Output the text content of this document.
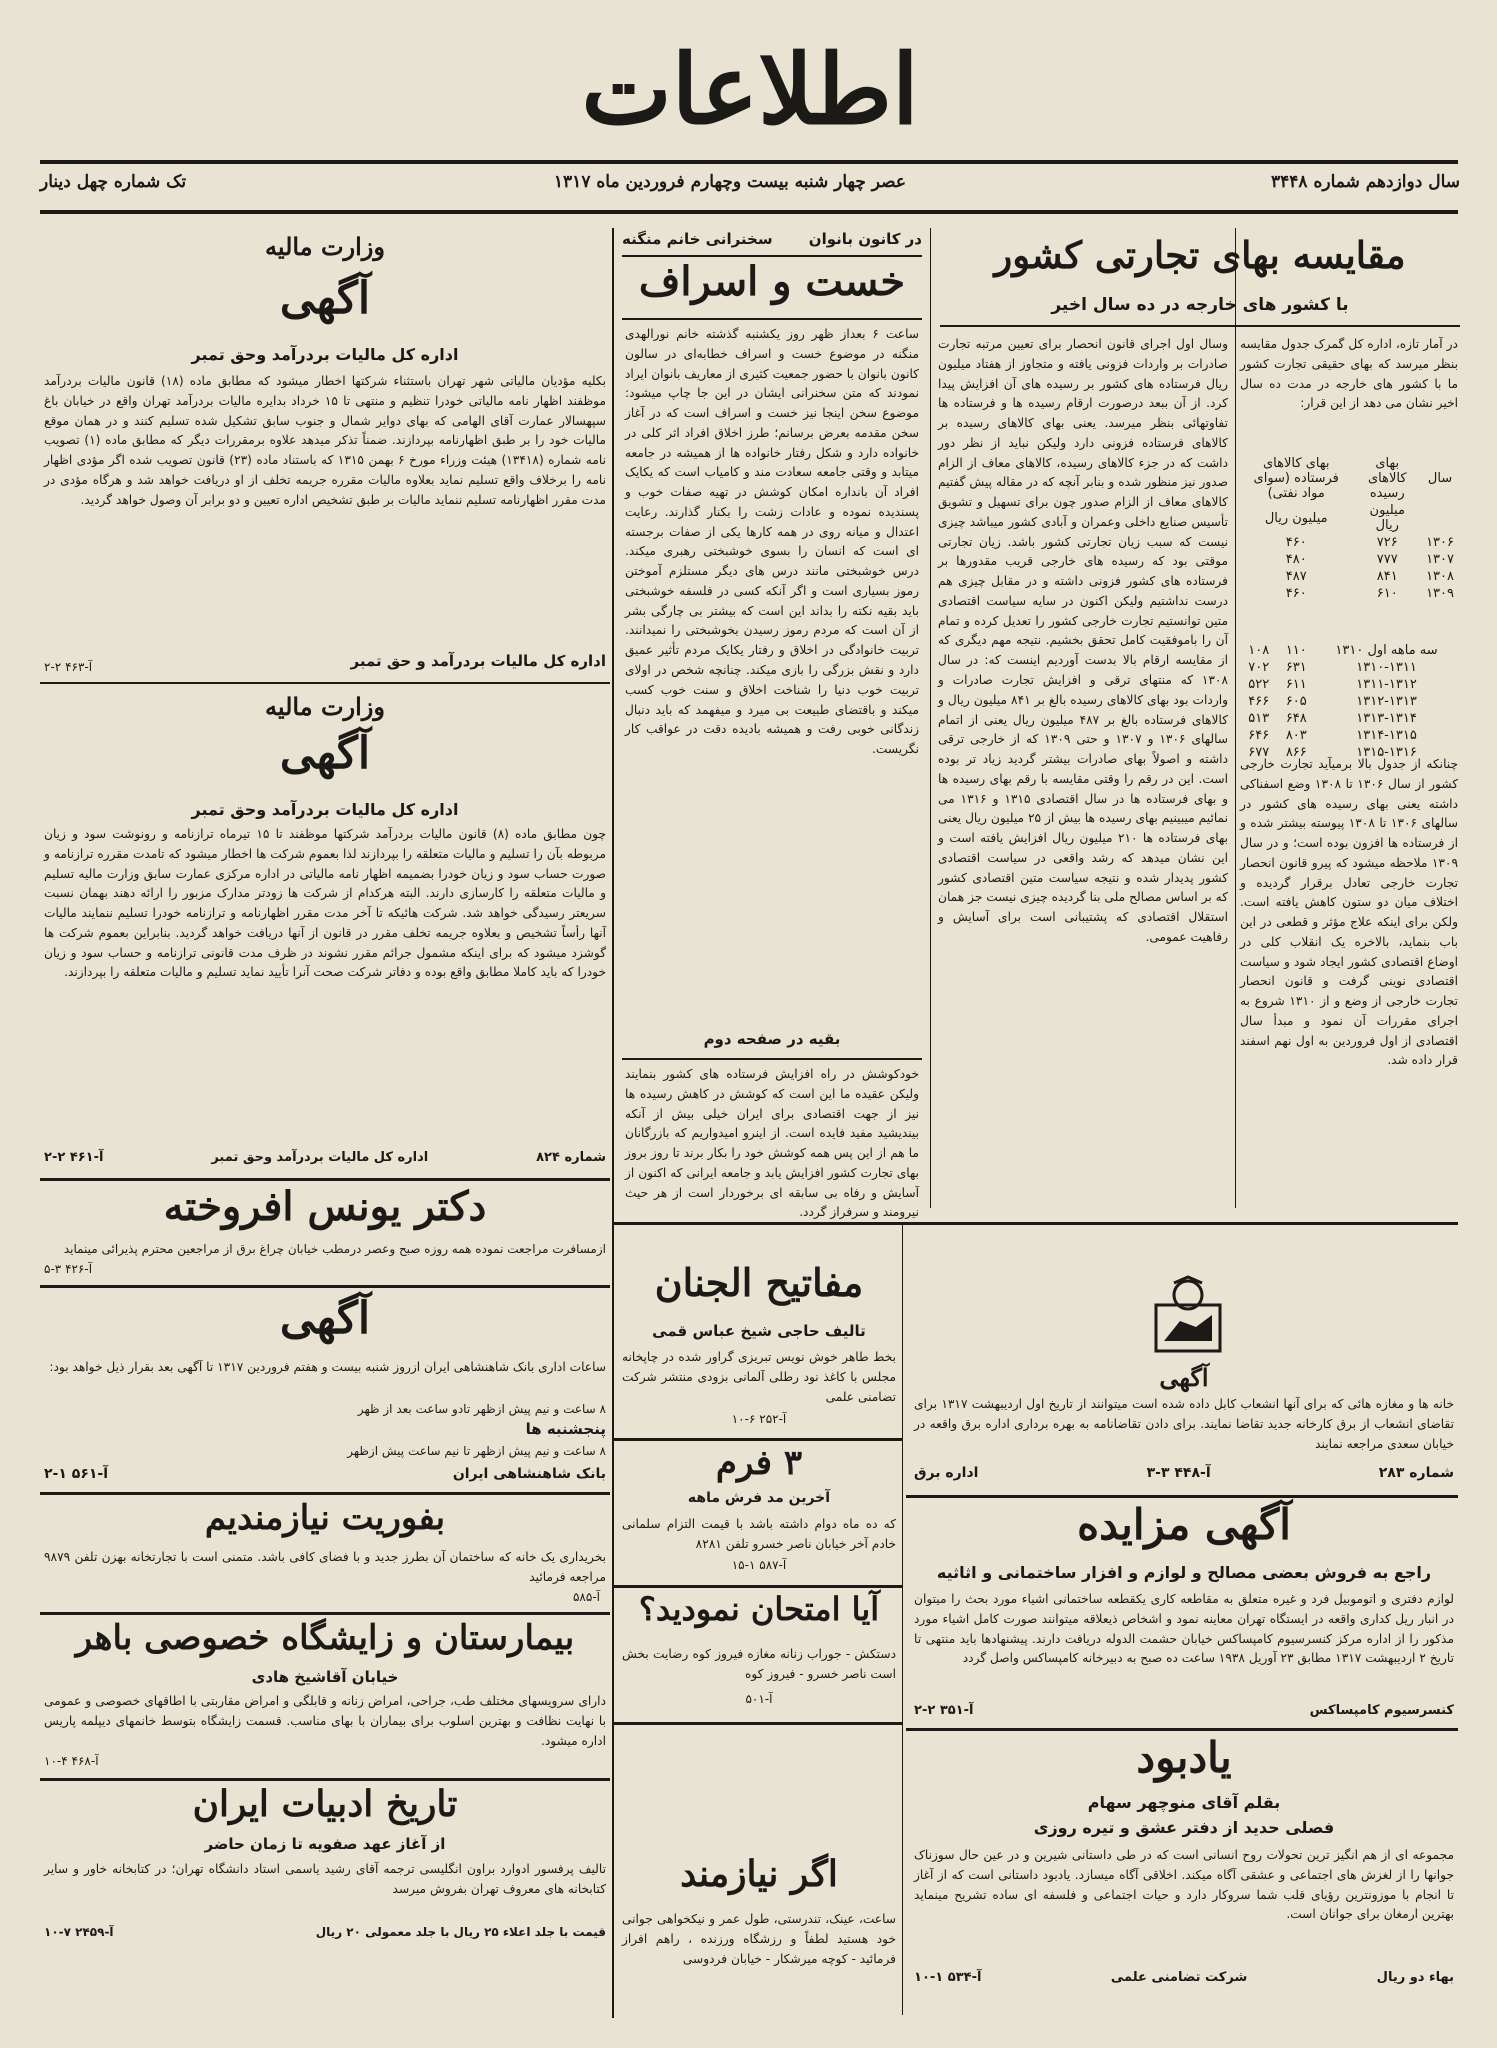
اطلاعات
سال دوازدهم شماره ۳۴۴۸
عصر چهار شنبه بیست وچهارم فروردین ماه ۱۳۱۷
تک شماره چهل دینار
مقایسه بهای تجارتی کشور
با کشور های خارجه در ده سال اخیر
در آمار تازه، اداره کل گمرک جدول مقایسه بنظر میرسد که بهای حقیقی تجارت کشور ما با کشور های خارجه در مدت ده سال اخیر نشان می دهد از این قرار:
سال	بهای کالاهای رسیده	بهای کالاهای فرستاده (سوای مواد نفتی)
	میلیون ریال	میلیون ریال
۱۳۰۶	۷۲۶	۴۶۰
۱۳۰۷	۷۷۷	۴۸۰
۱۳۰۸	۸۴۱	۴۸۷
۱۳۰۹	۶۱۰	۴۶۰
سه ماهه اول ۱۳۱۰	۱۱۰	۱۰۸
۱۳۱۰-۱۳۱۱	۶۳۱	۷۰۲
۱۳۱۱-۱۳۱۲	۶۱۱	۵۲۲
۱۳۱۲-۱۳۱۳	۶۰۵	۴۶۶
۱۳۱۳-۱۳۱۴	۶۴۸	۵۱۳
۱۳۱۴-۱۳۱۵	۸۰۳	۶۴۶
۱۳۱۵-۱۳۱۶	۸۶۶	۶۷۷
چنانکه از جدول بالا برمیآید تجارت خارجی کشور از سال ۱۳۰۶ تا ۱۳۰۸ وضع اسفناکی داشته یعنی بهای رسیده های کشور در سالهای ۱۳۰۶ تا ۱۳۰۸ پیوسته بیشتر شده و از فرستاده ها افزون بوده است؛ و در سال ۱۳۰۹ ملاحظه میشود که پیرو قانون انحصار تجارت خارجی تعادل برقرار گردیده و اختلاف میان دو ستون کاهش یافته است. ولکن برای اینکه علاج مؤثر و قطعی در این باب بنماید، بالاخره یک انقلاب کلی در اوضاع اقتصادی کشور ایجاد شود و سیاست اقتصادی نوینی گرفت و قانون انحصار تجارت خارجی از وضع و از ۱۳۱۰ شروع به اجرای مقررات آن نمود و مبدأ سال اقتصادی از اول فروردین به اول نهم اسفند قرار داده شد.
وسال اول اجرای قانون انحصار برای تعیین مرتبه تجارت صادرات بر واردات فزونی یافته و متجاوز از هفتاد میلیون ریال فرستاده های کشور بر رسیده های آن افزایش پیدا کرد. از آن ببعد درصورت ارقام رسیده ها و فرستاده ها تفاوتهائی بنظر میرسد. یعنی بهای کالاهای رسیده بر کالاهای فرستاده فزونی دارد ولیکن نباید از نظر دور داشت که در جزء کالاهای رسیده، کالاهای معاف از الزام صدور نیز منظور شده و بنابر آنچه که در مقاله پیش گفتیم کالاهای معاف از الزام صدور چون برای تسهیل و تشویق تأسیس صنایع داخلی وعمران و آبادی کشور میباشد چیزی نیست که سبب زیان تجارتی کشور باشد. زیان تجارتی موقتی بود که رسیده های خارجی قریب مقدورها بر فرستاده های کشور فزونی داشته و در مقابل چیزی هم درست نداشتیم ولیکن اکنون در سایه سیاست اقتصادی متین توانستیم تجارت خارجی کشور را تعدیل کرده و تمام آن را باموفقیت کامل تحقق بخشیم. نتیجه مهم دیگری که از مقایسه ارقام بالا بدست آوردیم اینست که: در سال ۱۳۰۸ که منتهای ترقی و افزایش تجارت صادرات و واردات بود بهای کالاهای رسیده بالغ بر ۸۴۱ میلیون ریال و کالاهای فرستاده بالغ بر ۴۸۷ میلیون ریال یعنی از اتمام سالهای ۱۳۰۶ و ۱۳۰۷ و حتی ۱۳۰۹ که از خارجی ترقی داشته و اصولاً بهای صادرات بیشتر گردید زیاد تر بوده است. این در رقم را وقتی مقایسه با رقم بهای رسیده ها و بهای فرستاده ها در سال اقتصادی ۱۳۱۵ و ۱۳۱۶ می نمائیم میبینیم بهای رسیده ها بیش از ۲۵ میلیون ریال یعنی بهای فرستاده ها ۲۱۰ میلیون ریال افزایش یافته است و این نشان میدهد که رشد واقعی در سیاست اقتصادی کشور پدیدار شده و نتیجه سیاست متین اقتصادی کشور که بر اساس مصالح ملی بنا گردیده چیزی نیست جز همان استقلال اقتصادی که پشتیبانی است برای آسایش و رفاهیت عمومی.
در کانون بانوان
سخنرانی خانم منگنه
خست و اسراف
ساعت ۶ بعداز ظهر روز یکشنبه گذشته خانم نورالهدی منگنه در موضوع خست و اسراف خطابه‌ای در سالون کانون بانوان با حضور جمعیت کثیری از معاریف بانوان ایراد نمودند که متن سخنرانی ایشان در این جا چاپ میشود: موضوع سخن اینجا نیز خست و اسراف است که در آغاز سخن مقدمه بعرض برسانم؛ طرز اخلاق افراد اثر کلی در خانواده دارد و شکل رفتار خانواده ها از همیشه در جامعه میتابد و وقتی جامعه سعادت مند و کامیاب است که یکایک افراد آن بانداره امکان کوشش در تهیه صفات خوب و پسندیده نموده و عادات زشت را بکنار گذارند. رعایت اعتدال و میانه روی در همه کارها یکی از صفات برجسته ای است که انسان را بسوی خوشبختی رهبری میکند. درس خوشبختی مانند درس های دیگر مستلزم آموختن رموز بسیاری است و اگر آنکه کسی در فلسفه خوشبختی باید بقیه نکته را بداند این است که بیشتر بی چارگی بشر از آن است که مردم رموز رسیدن بخوشبختی را نمیدانند. تربیت خانوادگی در اخلاق و رفتار یکایک مردم تأثیر عمیق دارد و نقش بزرگی را بازی میکند. چنانچه شخص در اولای تربیت خوب دنیا را شناخت اخلاق و سنت خوب کسب میکند و باقتضای طبیعت بی میرد و میفهمد که باید دنبال زندگانی خوبی رفت و همیشه بادیده دقت در عواقب کار نگریست.
بقیه در صفحه دوم
خودکوشش در راه افزایش فرستاده های کشور بنمایند ولیکن عقیده ما این است که کوشش در کاهش رسیده ها نیز از جهت اقتصادی برای ایران خیلی بیش از آنکه بیندیشید مفید فایده است. از اینرو امیدواریم که بازرگانان ما هم از این پس همه کوشش خود را بکار برند تا روز بروز بهای تجارت کشور افزایش یابد و جامعه ایرانی که اکنون از آسایش و رفاه بی سابقه ای برخوردار است از هر حیث نیرومند و سرفراز گردد.
وزارت مالیه
آگهی
اداره کل مالیات بردرآمد وحق تمبر
بکلیه مؤدیان مالیاتی شهر تهران باستثناء شرکتها اخطار میشود که مطابق ماده (۱۸) قانون مالیات بردرآمد موظفند اظهار نامه مالیاتی خودرا تنظیم و منتهی تا ۱۵ خرداد بدایره مالیات بردرآمد تهران واقع در خیابان باغ سپهسالار عمارت آقای الهامی که بهای دوایر شمال و جنوب سابق تشکیل شده تسلیم کنند و در همان موقع مالیات خود را بر طبق اظهارنامه بپردازند. ضمناً تذکر میدهد علاوه برمقررات دیگر که مطابق ماده (۱) تصویب نامه شماره (۱۳۴۱۸) هیئت وزراء مورخ ۶ بهمن ۱۳۱۵ که باستناد ماده (۲۳) قانون تصویب شده اگر مؤدی اظهار نامه را برخلاف واقع تسلیم نماید بعلاوه مالیات مقرره جریمه تخلف از او دریافت خواهد شد و هرگاه مؤدی در مدت مقرر اظهارنامه تسلیم ننماید مالیات بر طبق تشخیص اداره تعیین و دو برابر آن وصول خواهد گردید.
اداره کل مالیات بردرآمد و حق تمبر
آ-۴۶۳ ۲-۲
وزارت مالیه
آگهی
اداره کل مالیات بردرآمد وحق تمبر
چون مطابق ماده (۸) قانون مالیات بردرآمد شرکتها موظفند تا ۱۵ تیرماه ترازنامه و رونوشت سود و زیان مربوطه بآن را تسلیم و مالیات متعلقه را بپردازند لذا بعموم شرکت ها اخطار میشود که تامدت مقرره ترازنامه و صورت حساب سود و زیان خودرا بضمیمه اظهار نامه مالیاتی در اداره مرکزی عمارت سابق وزارت مالیه تسلیم و مالیات متعلقه را کارسازی دارند. البته هرکدام از شرکت ها زودتر مدارک مزبور را ارائه دهند بهمان نسبت سریعتر رسیدگی خواهد شد. شرکت هائیکه تا آخر مدت مقرر اظهارنامه و ترازنامه خودرا تسلیم ننمایند مالیات آنها رأساً تشخیص و بعلاوه جریمه تخلف مقرر در قانون از آنها دریافت خواهد گردید. بنابراین بعموم شرکت ها گوشزد میشود که برای اینکه مشمول جرائم مقرر نشوند در ظرف مدت قانونی ترازنامه و حساب سود و زیان خودرا که باید کاملا مطابق واقع بوده و دفاتر شرکت صحت آنرا تأیید نماید تسلیم و مالیات متعلقه را بپردازند.
شماره ۸۲۴
اداره کل مالیات بردرآمد وحق تمبر
آ-۴۶۱ ۲-۲
دکتر یونس افروخته
ازمسافرت مراجعت نموده همه روزه صبح وعصر درمطب خیابان چراغ برق از مراجعین محترم پذیرائی مینماید
آ-۴۲۶ ۳-۵
آگهی
ساعات اداری بانک شاهنشاهی ایران ازروز شنبه بیست و هفتم فروردین ۱۳۱۷ تا آگهی بعد بقرار ذیل خواهد بود:
۸ ساعت و نیم پیش ازظهر تادو ساعت بعد از ظهر
پنجشنبه ها
۸ ساعت و نیم پیش ازظهر تا نیم ساعت پیش ازظهر
بانک شاهنشاهی ایران
آ-۵۶۱ ۱-۲
بفوریت نیازمندیم
بخریداری یک خانه که ساختمان آن بطرز جدید و با فضای کافی باشد. متمنی است با تجارتخانه بهزن تلفن ۹۸۷۹ مراجعه فرمائید
آ-۵۸۵
بیمارستان و زایشگاه خصوصی باهر
خیابان آقاشیخ هادی
دارای سرویسهای مختلف طب، جراحی، امراض زنانه و قابلگی و امراض مقاربتی با اطاقهای خصوصی و عمومی با نهایت نظافت و بهترین اسلوب برای بیماران با بهای مناسب. قسمت زایشگاه بتوسط خانمهای دیپلمه پاریس اداره میشود.
آ-۴۶۸ ۴-۱۰
تاریخ ادبیات ایران
از آغاز عهد صفویه تا زمان حاضر
تالیف پرفسور ادوارد براون انگلیسی ترجمه آقای رشید یاسمی استاد دانشگاه تهران؛ در کتابخانه خاور و سایر کتابخانه های معروف تهران بفروش میرسد
قیمت با جلد اعلاء ۲۵ ریال با جلد معمولی ۲۰ ریال
آ-۲۴۵۹ ۷-۱۰
مفاتیح الجنان
تالیف حاجی شیخ عباس قمی
بخط طاهر خوش نویس تبریزی گراور شده در چاپخانه مجلس با کاغذ نود رطلی آلمانی بزودی منتشر شرکت تضامنی علمی
آ-۲۵۲ ۶-۱۰
۳ فرم
آخرین مد فرش ماهه
که ده ماه دوام داشته باشد با قیمت التزام سلمانی خادم آخر خیابان ناصر خسرو تلفن ۸۲۸۱
آ-۵۸۷ ۱-۱۵
آیا امتحان نمودید؟
دستکش - جوراب زنانه مغازه فیروز کوه رضایت بخش است ناصر خسرو - فیروز کوه
آ-۵۰۱
اگر نیازمند
ساعت، عینک، تندرستی، طول عمر و نیکخواهی جوانی خود هستید لطفاً و رزشگاه ورزنده ، راهم افراز فرمائید - کوچه میرشکار - خیابان فردوسی
آگهی
خانه ها و مغازه هائی که برای آنها انشعاب کابل داده شده است میتوانند از تاریخ اول اردیبهشت ۱۳۱۷ برای تقاضای انشعاب از برق کارخانه جدید تقاضا نمایند. برای دادن تقاضانامه به بهره برداری اداره برق واقعه در خیابان سعدی مراجعه نمایند
شماره ۲۸۳
آ-۴۴۸ ۳-۳
اداره برق
آگهی مزایده
راجع به فروش بعضی مصالح و لوازم و افزار ساختمانی و اثاثیه
لوازم دفتری و اتوموبیل فرد و غیره متعلق به مقاطعه کاری یکقطعه ساختمانی اشیاء مورد بحث را میتوان در انبار ریل کداری واقعه در ایستگاه تهران معاینه نمود و اشخاص ذیعلاقه میتوانند صورت کامل اشیاء مورد مذکور را از اداره مرکز کنسرسیوم کامپساکس خیابان حشمت الدوله دریافت دارند. پیشنهادها باید منتهی تا تاریخ ۲ اردیبهشت ۱۳۱۷ مطابق ۲۳ آوریل ۱۹۳۸ ساعت ده صبح به دبیرخانه کامپساکس واصل گردد
کنسرسیوم کامپساکس
آ-۳۵۱ ۲-۲
یادبود
بقلم آقای منوچهر سهام
فصلی حدید از دفتر عشق و تیره روزی
مجموعه ای از هم انگیز ترین تحولات روح انسانی است که در طی داستانی شیرین و در عین حال سوزناک جوانها را از لغزش های اجتماعی و عشقی آگاه میکند. اخلاقی آگاه میسازد. یادبود داستانی است که از آغاز تا انجام با موزونترین رؤیای قلب شما سروکار دارد و حیات اجتماعی و فلسفه ای ساده تشریح مینماید بهترین ارمغان برای جوانان است.
بهاء دو ریال
شرکت تضامنی علمی
آ-۵۳۴ ۱-۱۰
